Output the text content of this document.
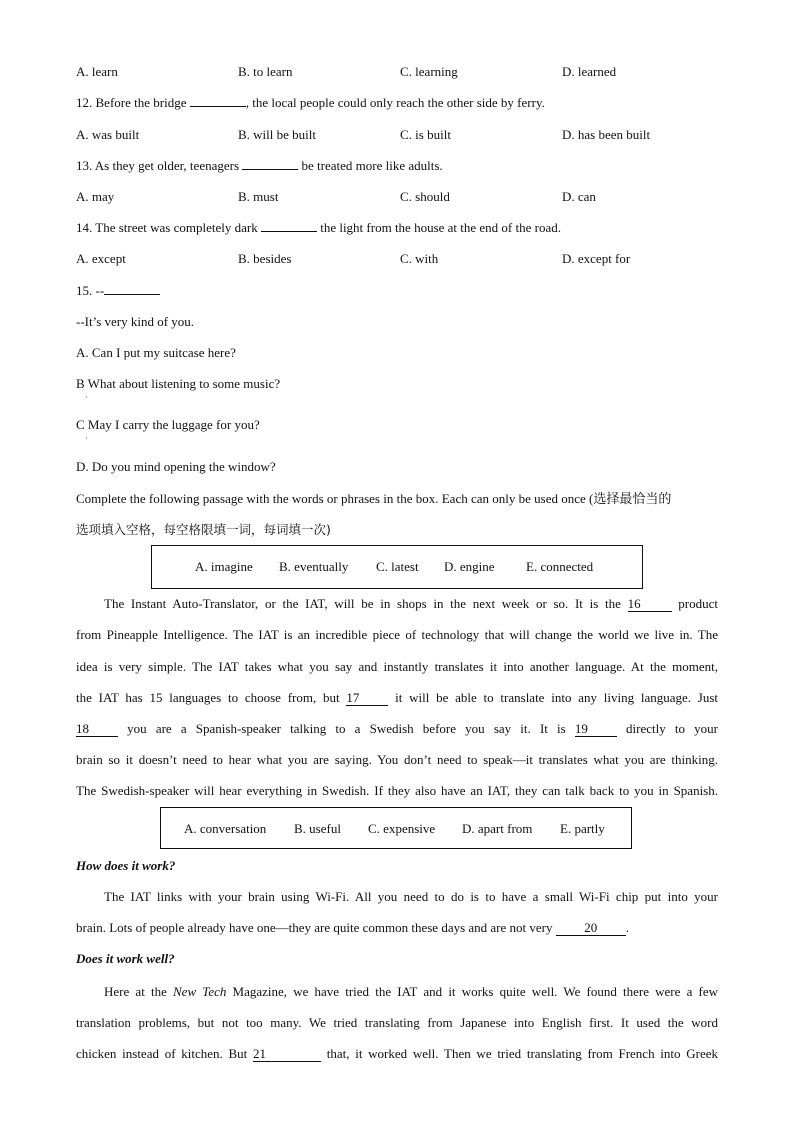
A. learn	B. to learn	C. learning	D. learned
12. Before the bridge	, the local people could only reach the other side by ferry.
A. was built	B. will be built	C. is built	D. has been built
13. As they get older, teenagers	be treated more like adults.
A. may	B. must	C. should	D. can
14. The street was completely dark	the light from the house at the end of the road.
A. except	B. besides	C. with	D. except for
15. --
--It’s very kind of you.
A. Can I put my suitcase here?
B What about listening to some music?
·
C May I carry the luggage for you?
·
D. Do you mind opening the window?
Complete the following passage with the words or phrases in the box. Each can only be used once (选择最恰当的
选项填入空格，每空格限填一词，每词填一次)
A. imagine B. eventually C. latest D. engine E. connected
The Instant Auto-Translator, or the IAT, will be in shops in the next week or so. It is the 16 product
from Pineapple Intelligence. The IAT is an incredible piece of technology that will change the world we live in. The
idea is very simple. The IAT takes what you say and instantly translates it into another language. At the moment,
the IAT has 15 languages to choose from, but 17 it will be able to translate into any living language. Just
18 you are a Spanish-speaker talking to a Swedish before you say it. It is 19 directly to your
brain so it doesn’t need to hear what you are saying. You don’t need to speak—it translates what you are thinking.
The Swedish-speaker will hear everything in Swedish. If they also have an IAT, they can talk back to you in Spanish.
A. conversation B. useful C. expensive D. apart from E. partly
How does it work?
The IAT links with your brain using Wi-Fi. All you need to do is to have a small Wi-Fi chip put into your
brain. Lots of people already have one—they are quite common these days and are not very 20 .
Does it work well?
Here at the New Tech Magazine, we have tried the IAT and it works quite well. We found there were a few
translation problems, but not too many. We tried translating from Japanese into English first. It used the word
chicken instead of kitchen. But 21	that, it worked well. Then we tried translating from French into Greek
